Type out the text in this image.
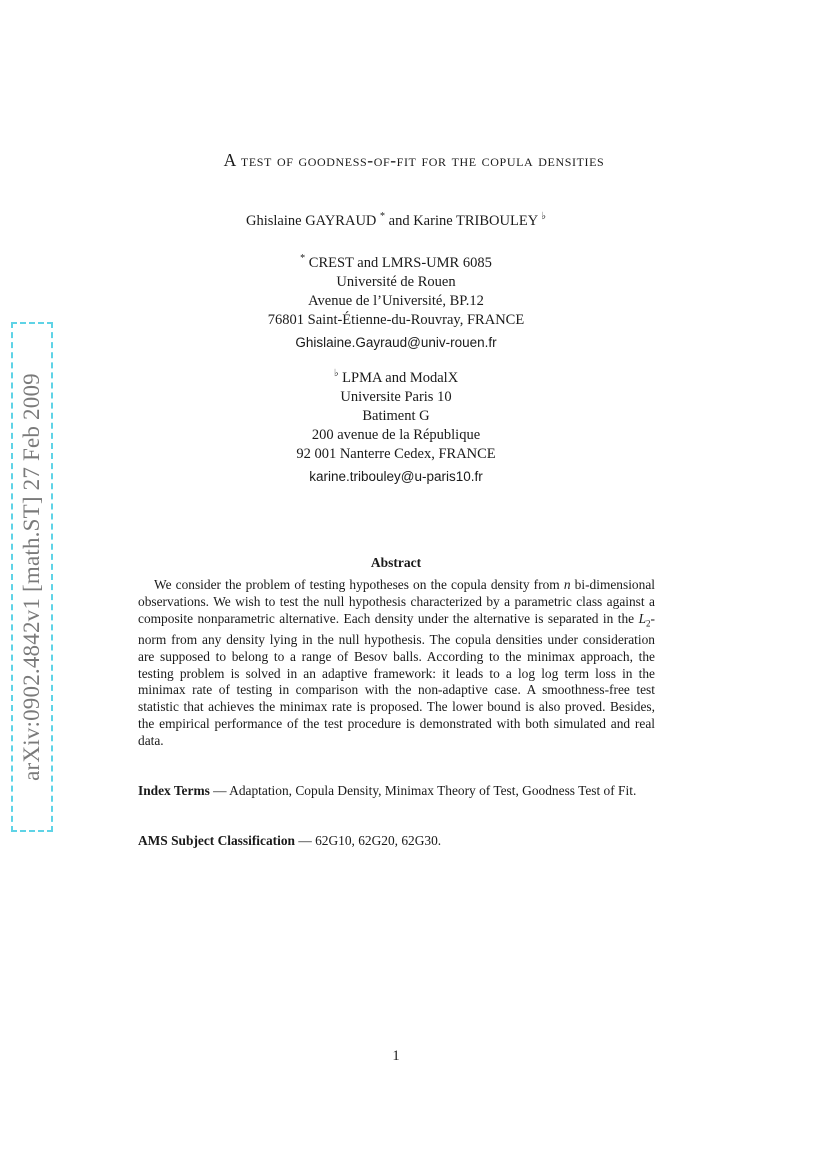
arXiv:0902.4842v1 [math.ST] 27 Feb 2009
A test of goodness-of-fit for the copula densities
Ghislaine GAYRAUD * and Karine TRIBOULEY ♭
* CREST and LMRS-UMR 6085
Université de Rouen
Avenue de l’Université, BP.12
76801 Saint-Étienne-du-Rouvray, FRANCE
Ghislaine.Gayraud@univ-rouen.fr
♭ LPMA and ModalX
Universite Paris 10
Batiment G
200 avenue de la République
92 001 Nanterre Cedex, FRANCE
karine.tribouley@u-paris10.fr
Abstract
We consider the problem of testing hypotheses on the copula density from n bi-dimensional observations. We wish to test the null hypothesis characterized by a parametric class against a composite nonparametric alternative. Each density under the alternative is separated in the $L_2$-norm from any density lying in the null hypothesis. The copula densities under consideration are supposed to belong to a range of Besov balls. According to the minimax approach, the testing problem is solved in an adaptive framework: it leads to a log log term loss in the minimax rate of testing in comparison with the non-adaptive case. A smoothness-free test statistic that achieves the minimax rate is proposed. The lower bound is also proved. Besides, the empirical performance of the test procedure is demonstrated with both simulated and real data.
Index Terms — Adaptation, Copula Density, Minimax Theory of Test, Goodness Test of Fit.
AMS Subject Classification — 62G10, 62G20, 62G30.
1
